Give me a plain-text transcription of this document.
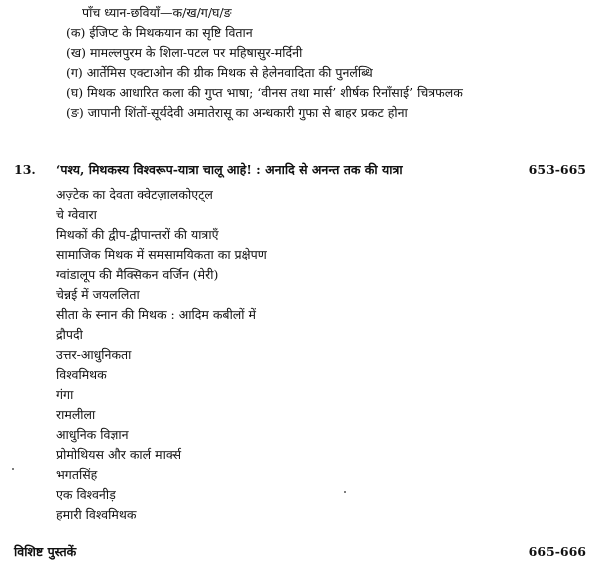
पाँच ध्यान-छवियाँ—क/ख/ग/घ/ङ
(क) ईजिप्ट के मिथकयान का सृष्टि वितान
(ख) मामल्लपुरम के शिला-पटल पर महिषासुर-मर्दिनी
(ग) आर्तेमिस एक्टाओन की ग्रीक मिथक से हेलेनवादिता की पुनर्लब्धि
(घ) मिथक आधारित कला की गुप्त भाषा; ‘वीनस तथा मार्स’ शीर्षक रिनाँसाई’ चित्रफलक
(ङ) जापानी शिंतों-सूर्यदेवी अमातेरासू का अन्धकारी गुफा से बाहर प्रकट होना
13. ‘पश्य, मिथकस्य विश्वरूप-यात्रा चालू आहे! : अनादि से अनन्त तक की यात्रा	653-665
अज़्टेक का देवता क्वेटज़ालकोएट्ल
चे ग्वेवारा
मिथकों की द्वीप-द्वीपान्तरों की यात्राएँ
सामाजिक मिथक में समसामयिकता का प्रक्षेपण
ग्वांडालूप की मैक्सिकन वर्जिन (मेरी)
चेन्नई में जयललिता
सीता के स्नान की मिथक : आदिम कबीलों में
द्रौपदी
उत्तर-आधुनिकता
विश्वमिथक
गंगा
रामलीला
आधुनिक विज्ञान
प्रोमोथियस और कार्ल मार्क्स
भगतसिंह
एक विश्वनीड़
हमारी विश्वमिथक
विशिष्ट पुस्तकें	665-666
